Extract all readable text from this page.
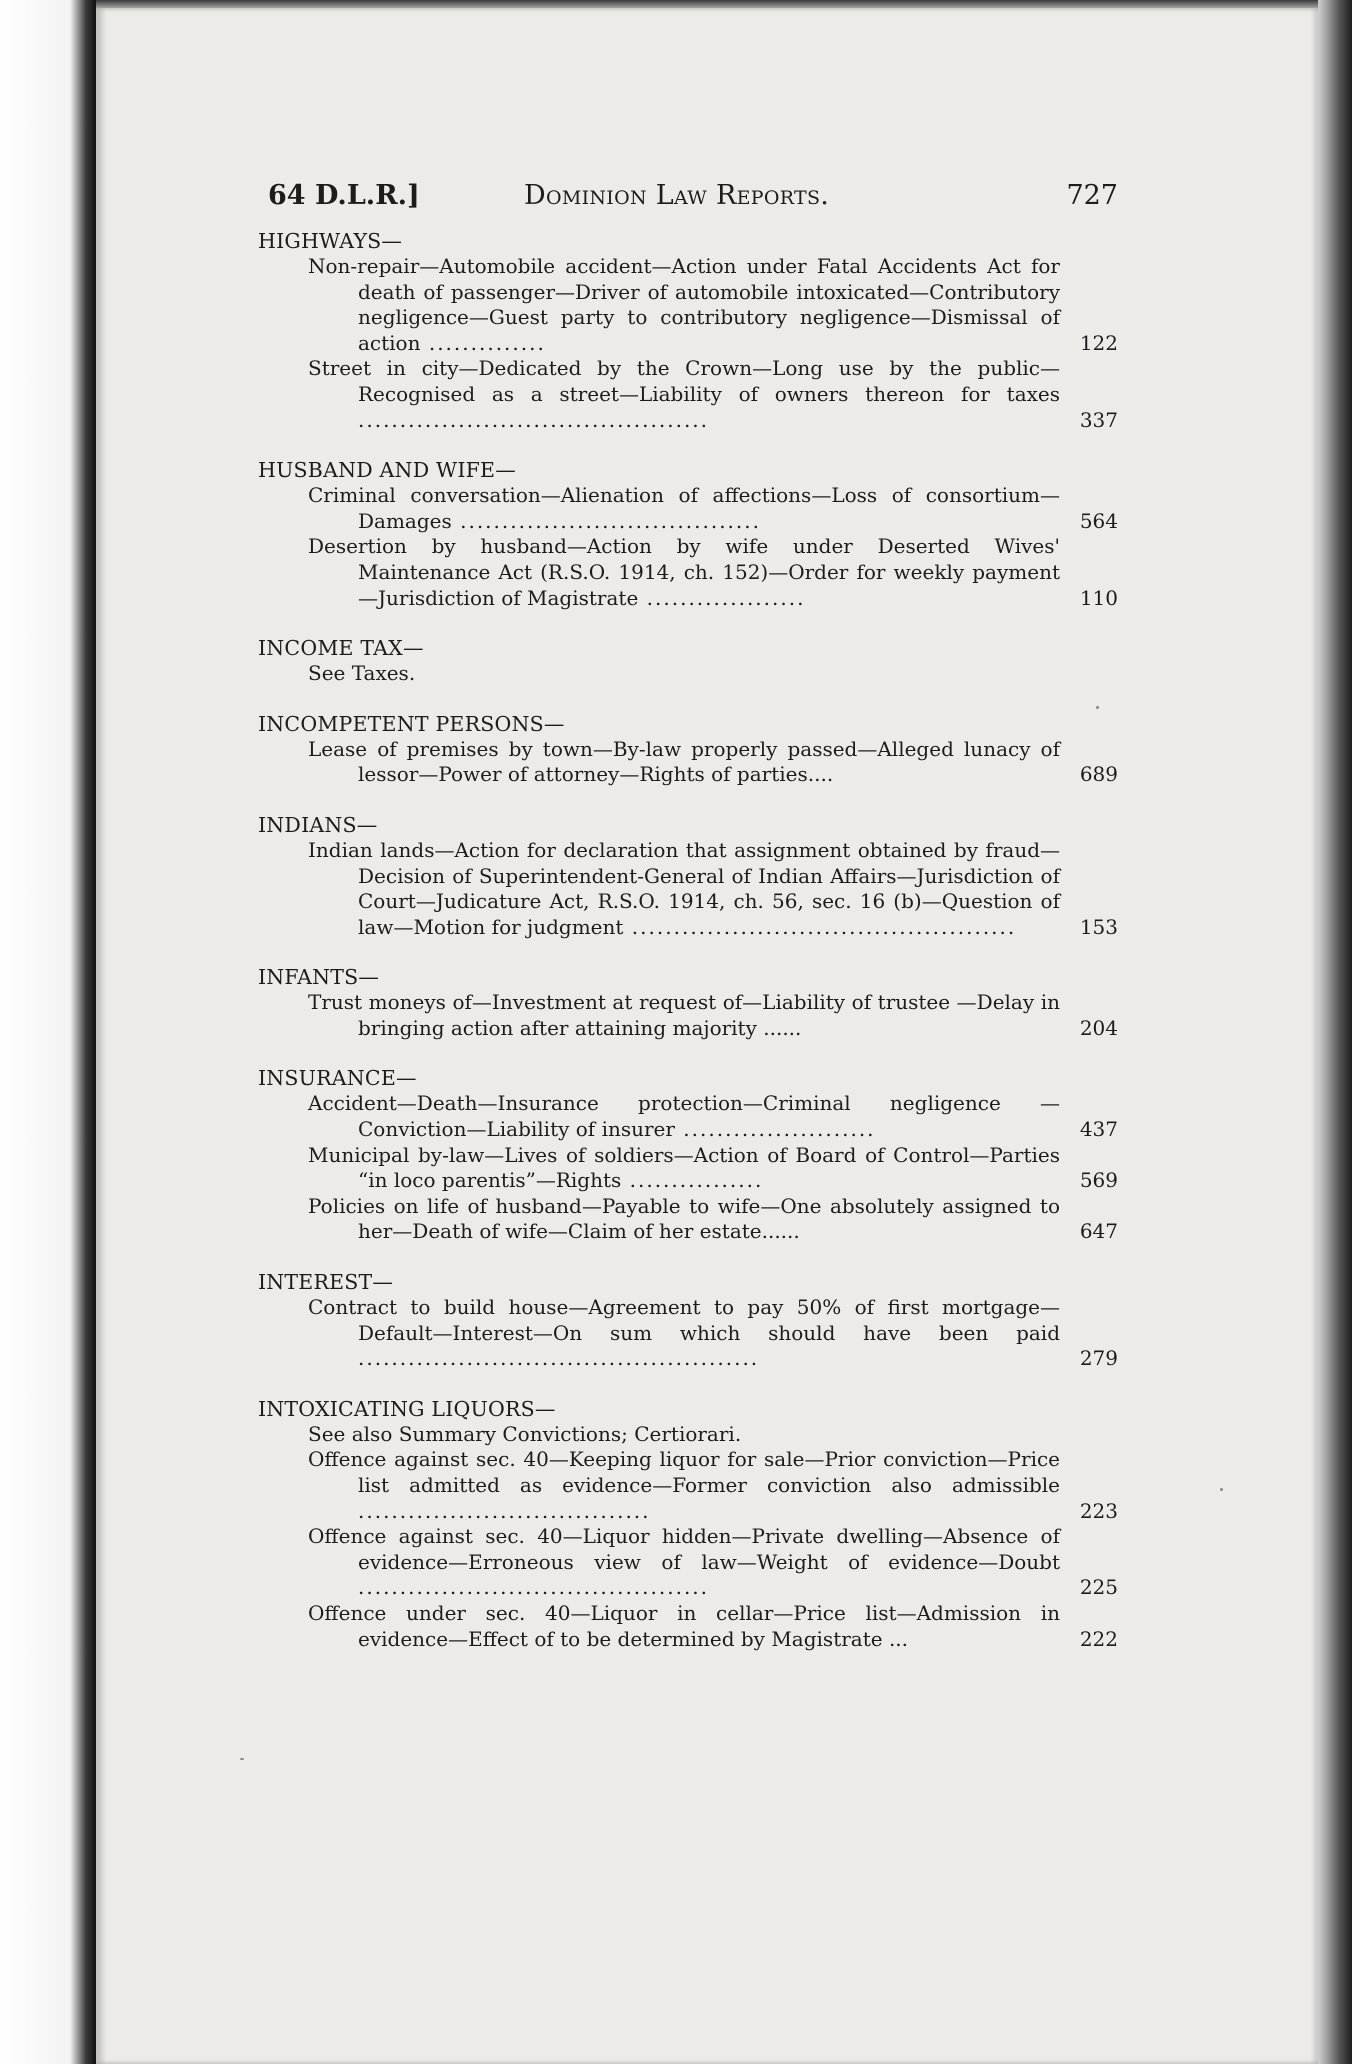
64 D.L.R.]	Dominion Law Reports.	727

HIGHWAYS—

Non-repair—Automobile accident—Action under Fatal Accidents Act for death of passenger—Driver of automobile intoxicated—Contributory negligence—Guest party to contributory negligence—Dismissal of action ..............	122
Street in city—Dedicated by the Crown—Long use by the public—Recognised as a street—Liability of owners thereon for taxes ..........................................	337

HUSBAND AND WIFE—

Criminal conversation—Alienation of affections—Loss of consortium—Damages ....................................	564
Desertion by husband—Action by wife under Deserted Wives' Maintenance Act (R.S.O. 1914, ch. 152)—Order for weekly payment—Jurisdiction of Magistrate ...................	110

INCOME TAX—

See Taxes.

INCOMPETENT PERSONS—

Lease of premises by town—By-law properly passed—Alleged lunacy of lessor—Power of attorney—Rights of parties....	689

INDIANS—

Indian lands—Action for declaration that assignment obtained by fraud—Decision of Superintendent-General of Indian Affairs—Jurisdiction of Court—Judicature Act, R.S.O. 1914, ch. 56, sec. 16 (b)—Question of law—Motion for judgment ..............................................	153

INFANTS—

Trust moneys of—Investment at request of—Liability of trustee —Delay in bringing action after attaining majority ......	204

INSURANCE—

Accident—Death—Insurance protection—Criminal negligence —Conviction—Liability of insurer .......................	437
Municipal by-law—Lives of soldiers—Action of Board of Control—Parties “in loco parentis”—Rights ................	569
Policies on life of husband—Payable to wife—One absolutely assigned to her—Death of wife—Claim of her estate......	647

INTEREST—

Contract to build house—Agreement to pay 50% of first mortgage—Default—Interest—On sum which should have been paid ................................................	279

INTOXICATING LIQUORS—

See also Summary Convictions; Certiorari.
Offence against sec. 40—Keeping liquor for sale—Prior conviction—Price list admitted as evidence—Former conviction also admissible ...................................	223
Offence against sec. 40—Liquor hidden—Private dwelling—Absence of evidence—Erroneous view of law—Weight of evidence—Doubt ..........................................	225
Offence under sec. 40—Liquor in cellar—Price list—Admission in evidence—Effect of to be determined by Magistrate ...	222
